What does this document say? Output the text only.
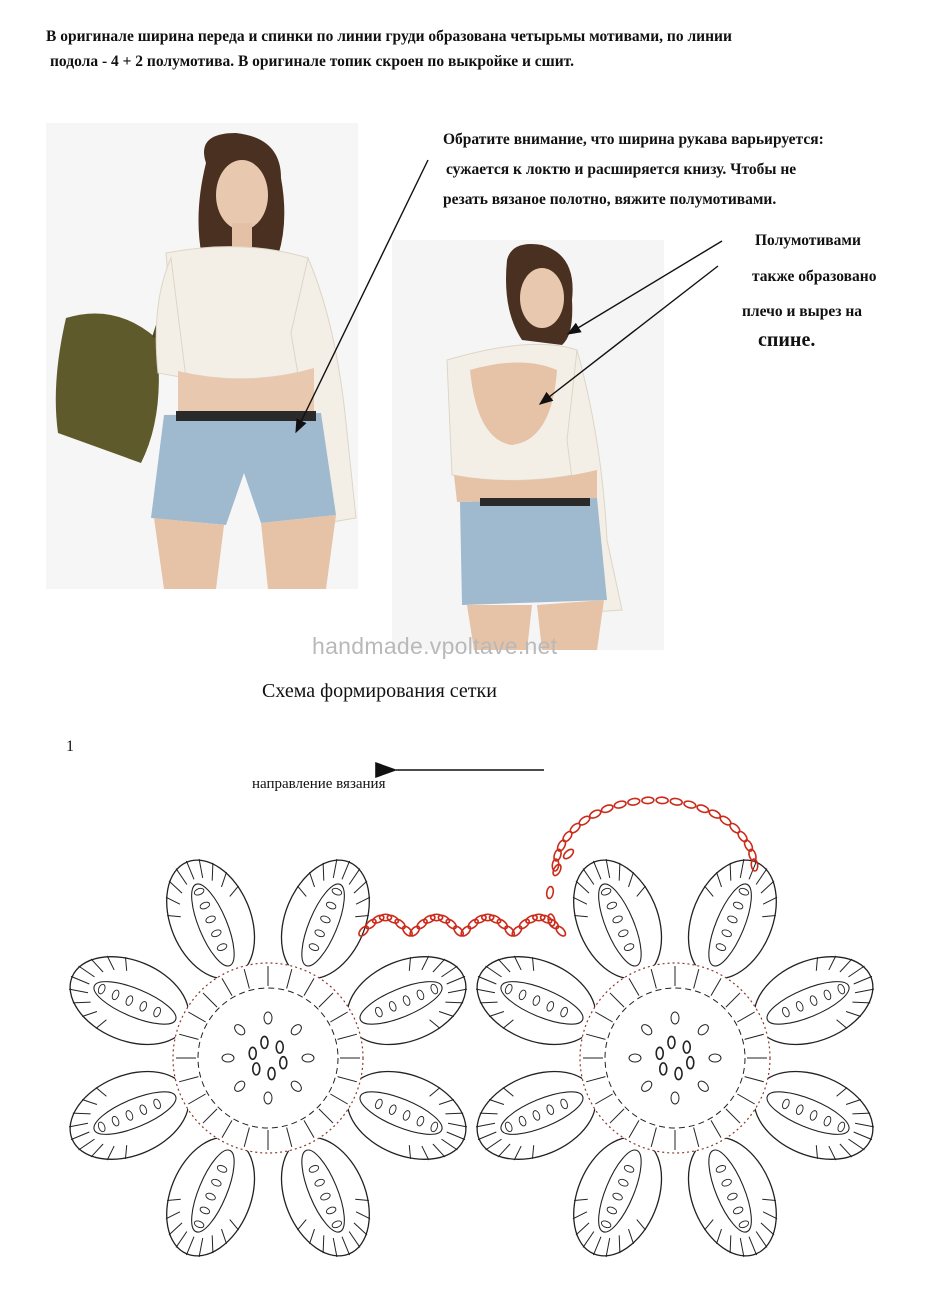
В оригинале ширина переда и спинки по линии груди образована четырьмы мотивами, по линии
подола - 4 + 2 полумотива. В оригинале топик скроен по выкройке и сшит.
Обратите внимание, что ширина рукава варьируется:
сужается к локтю и расширяется книзу. Чтобы не
резать вязаное полотно, вяжите полумотивами.
Полумотивами
также образовано
плечо и вырез на
спине.
handmade.vpoltave.net
Схема формирования сетки
1
направление вязания
